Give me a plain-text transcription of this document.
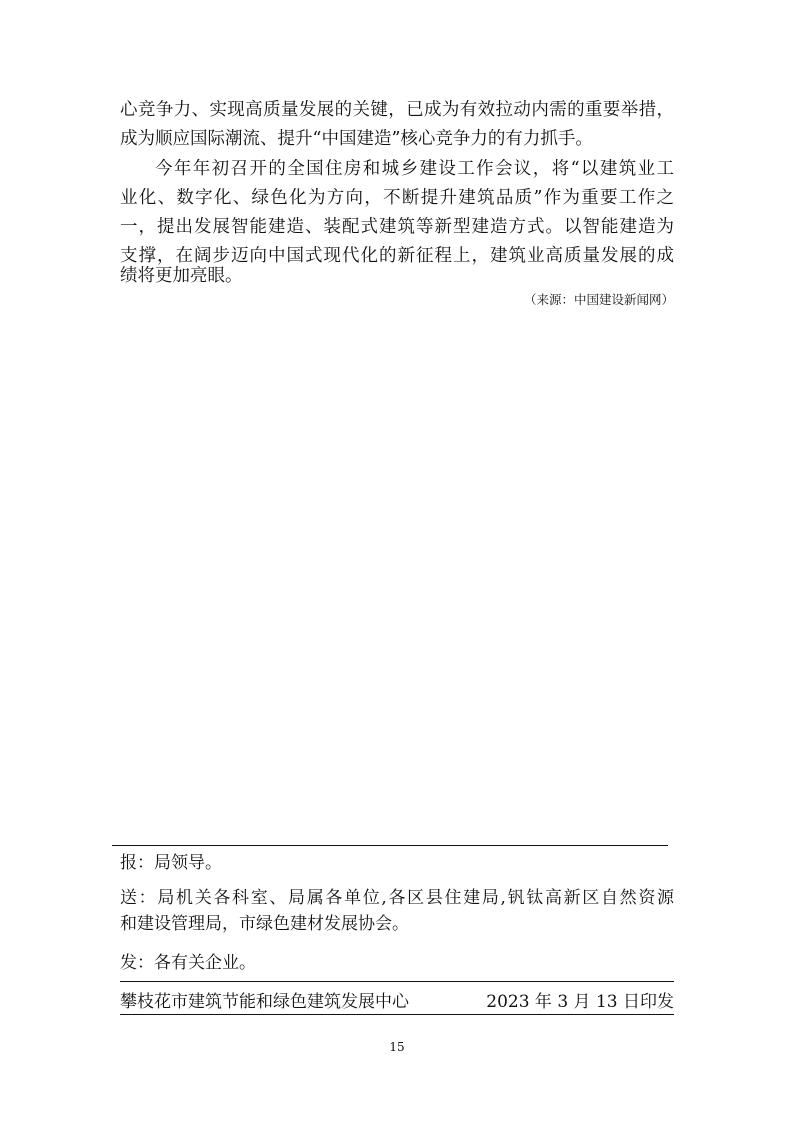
心竞争力、实现高质量发展的关键，已成为有效拉动内需的重要举措，
成为顺应国际潮流、提升“中国建造”核心竞争力的有力抓手。
今年年初召开的全国住房和城乡建设工作会议，将“以建筑业工
业化、数字化、绿色化为方向，不断提升建筑品质”作为重要工作之
一，提出发展智能建造、装配式建筑等新型建造方式。以智能建造为
支撑，在阔步迈向中国式现代化的新征程上，建筑业高质量发展的成
绩将更加亮眼。
（来源：中国建设新闻网）
报：局领导。
送：局机关各科室、局属各单位,各区县住建局,钒钛高新区自然资源
和建设管理局，市绿色建材发展协会。
发：各有关企业。
攀枝花市建筑节能和绿色建筑发展中心	2023 年 3 月 13 日印发
15
